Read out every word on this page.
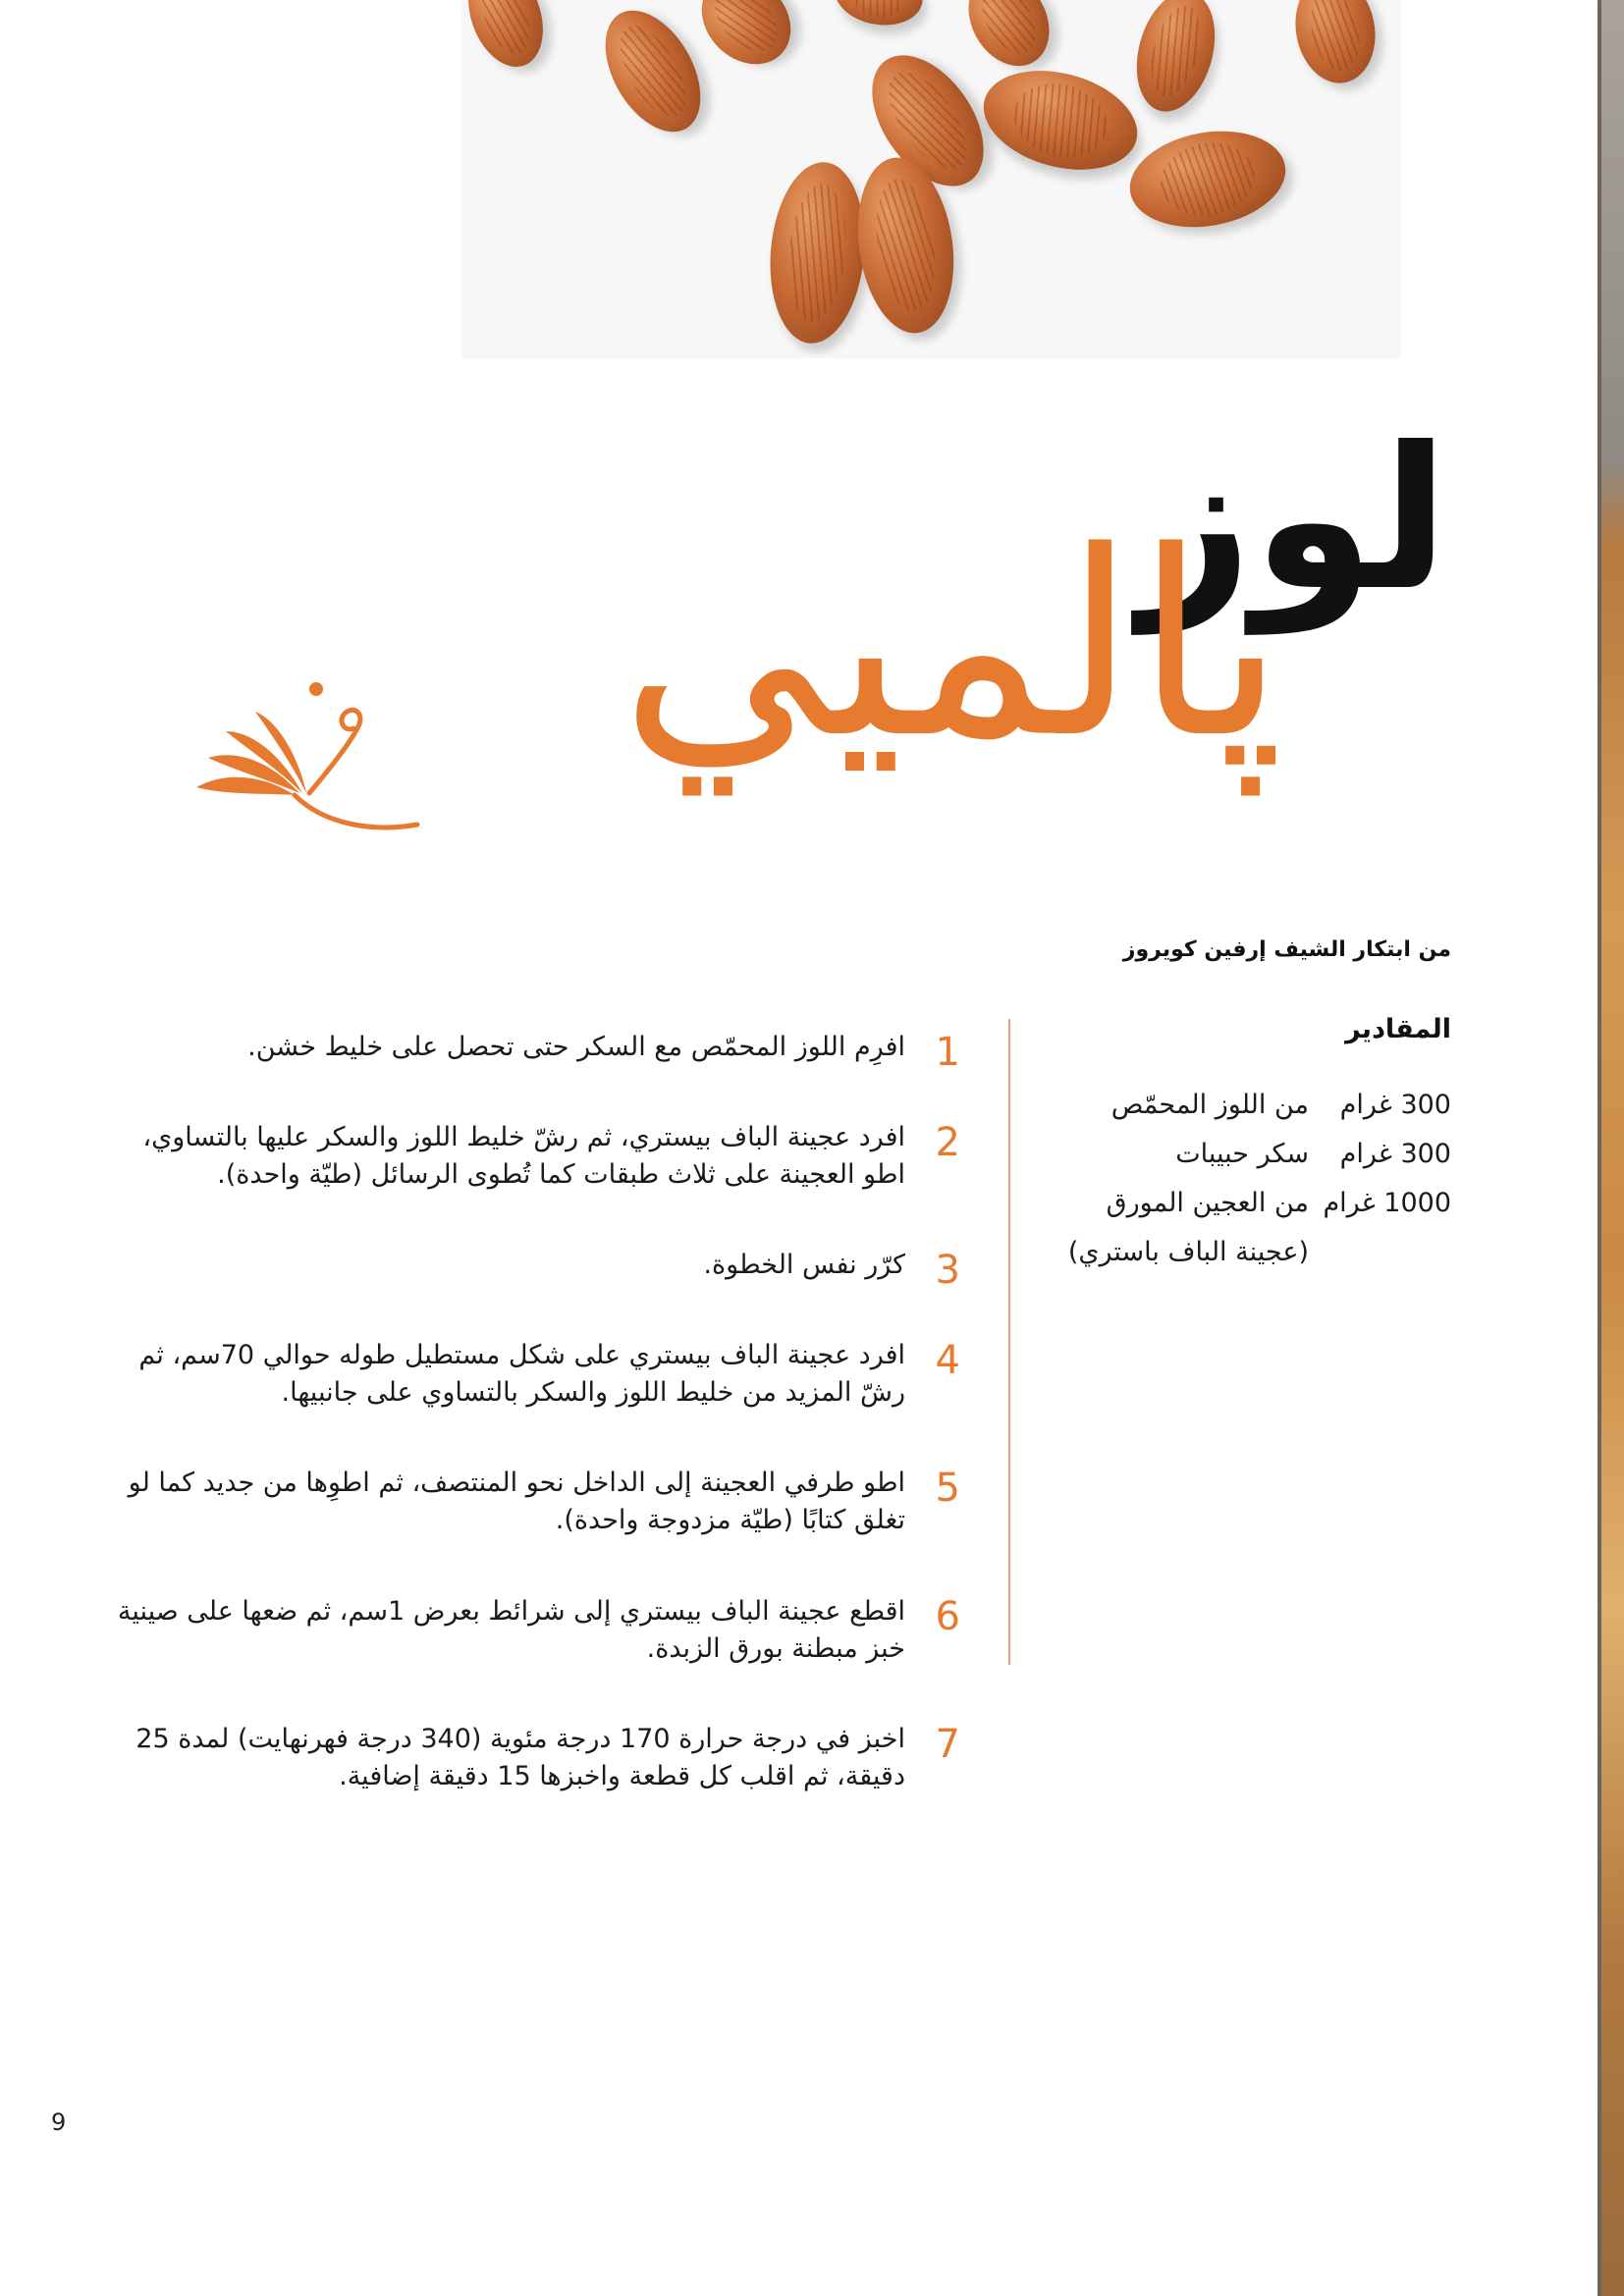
لوز
پالميي
من ابتكار الشيف إرفين كويروز
المقادير
300 غرام
من اللوز المحمّص
300 غرام
سكر حبيبات
1000 غرام
من العجين المورق
(عجينة الباف باستري)
1
افرِم اللوز المحمّص مع السكر حتى تحصل على خليط خشن.
2
افرد عجينة الباف بيستري، ثم رشّ خليط اللوز والسكر عليها بالتساوي، اطو العجينة على ثلاث طبقات كما تُطوى الرسائل (طيّة واحدة).
3
كرّر نفس الخطوة.
4
افرد عجينة الباف بيستري على شكل مستطيل طوله حوالي 70سم، ثم رشّ المزيد من خليط اللوز والسكر بالتساوي على جانبيها.
5
اطو طرفي العجينة إلى الداخل نحو المنتصف، ثم اطوِها من جديد كما لو تغلق كتابًا (طيّة مزدوجة واحدة).
6
اقطع عجينة الباف بيستري إلى شرائط بعرض 1سم، ثم ضعها على صينية خبز مبطنة بورق الزبدة.
7
اخبز في درجة حرارة 170 درجة مئوية (340 درجة فهرنهايت) لمدة 25 دقيقة، ثم اقلب كل قطعة واخبزها 15 دقيقة إضافية.
9
